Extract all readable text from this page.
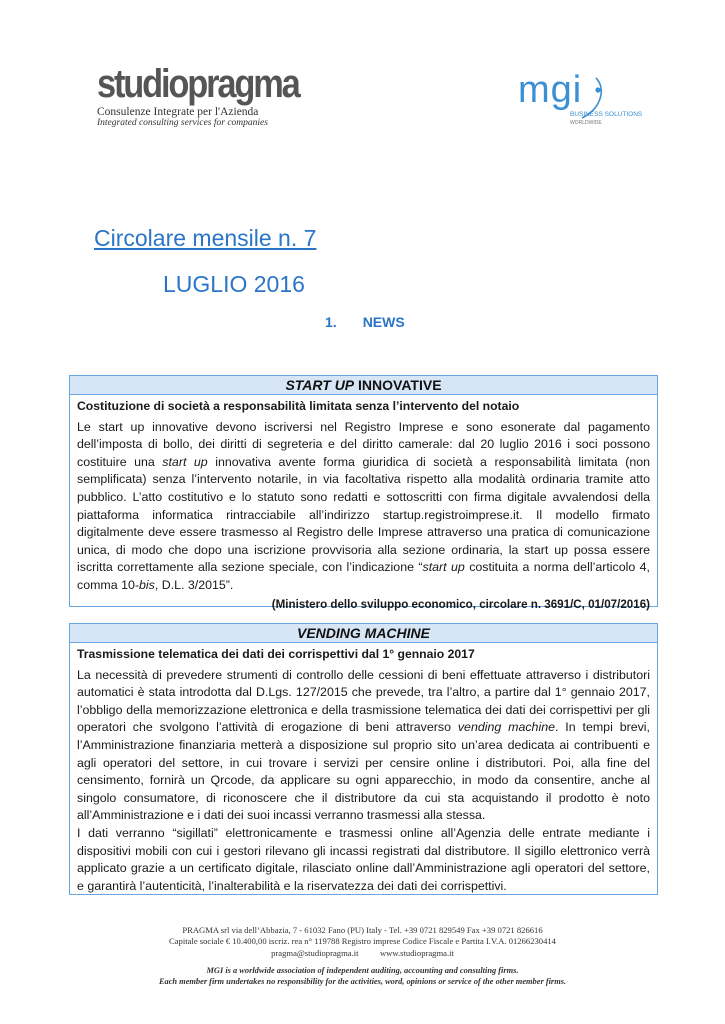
studiopragma
Consulenze Integrate per l'Azienda
Integrated consulting services for companies
mgi
BUSINESS SOLUTIONS
WORLDWIDE
Circolare mensile n. 7
LUGLIO 2016
1. NEWS
START UP INNOVATIVE
Costituzione di società a responsabilità limitata senza l’intervento del notaio

Le start up innovative devono iscriversi nel Registro Imprese e sono esonerate dal pagamento dell’imposta di bollo, dei diritti di segreteria e del diritto camerale: dal 20 luglio 2016 i soci possono costituire una start up innovativa avente forma giuridica di società a responsabilità limitata (non semplificata) senza l’intervento notarile, in via facoltativa rispetto alla modalità ordinaria tramite atto pubblico. L’atto costitutivo e lo statuto sono redatti e sottoscritti con firma digitale avvalendosi della piattaforma informatica rintracciabile all’indirizzo startup.registroimprese.it. Il modello firmato digitalmente deve essere trasmesso al Registro delle Imprese attraverso una pratica di comunicazione unica, di modo che dopo una iscrizione provvisoria alla sezione ordinaria, la start up possa essere iscritta correttamente alla sezione speciale, con l’indicazione “start up costituita a norma dell’articolo 4, comma 10-bis, D.L. 3/2015”.

(Ministero dello sviluppo economico, circolare n. 3691/C, 01/07/2016)
VENDING MACHINE
Trasmissione telematica dei dati dei corrispettivi dal 1° gennaio 2017

La necessità di prevedere strumenti di controllo delle cessioni di beni effettuate attraverso i distributori automatici è stata introdotta dal D.Lgs. 127/2015 che prevede, tra l’altro, a partire dal 1° gennaio 2017, l’obbligo della memorizzazione elettronica e della trasmissione telematica dei dati dei corrispettivi per gli operatori che svolgono l’attività di erogazione di beni attraverso vending machine. In tempi brevi, l’Amministrazione finanziaria metterà a disposizione sul proprio sito un’area dedicata ai contribuenti e agli operatori del settore, in cui trovare i servizi per censire online i distributori. Poi, alla fine del censimento, fornirà un Qrcode, da applicare su ogni apparecchio, in modo da consentire, anche al singolo consumatore, di riconoscere che il distributore da cui sta acquistando il prodotto è noto all’Amministrazione e i dati dei suoi incassi verranno trasmessi alla stessa.

I dati verranno “sigillati” elettronicamente e trasmessi online all’Agenzia delle entrate mediante i dispositivi mobili con cui i gestori rilevano gli incassi registrati dal distributore. Il sigillo elettronico verrà applicato grazie a un certificato digitale, rilasciato online dall’Amministrazione agli operatori del settore, e garantirà l’autenticità, l’inalterabilità e la riservatezza dei dati dei corrispettivi.

PRAGMA srl via dell’Abbazia, 7 - 61032 Fano (PU) Italy - Tel. +39 0721 829549 Fax +39 0721 826616
Capitale sociale € 10.400,00 iscriz. rea n° 119788 Registro imprese Codice Fiscale e Partita I.V.A. 01266230414
pragma@studiopragma.it          www.studiopragma.it
MGI is a worldwide association of independent auditing, accounting and consulting firms.
Each member firm undertakes no responsibility for the activities, word, opinions or service of the other member firms.
